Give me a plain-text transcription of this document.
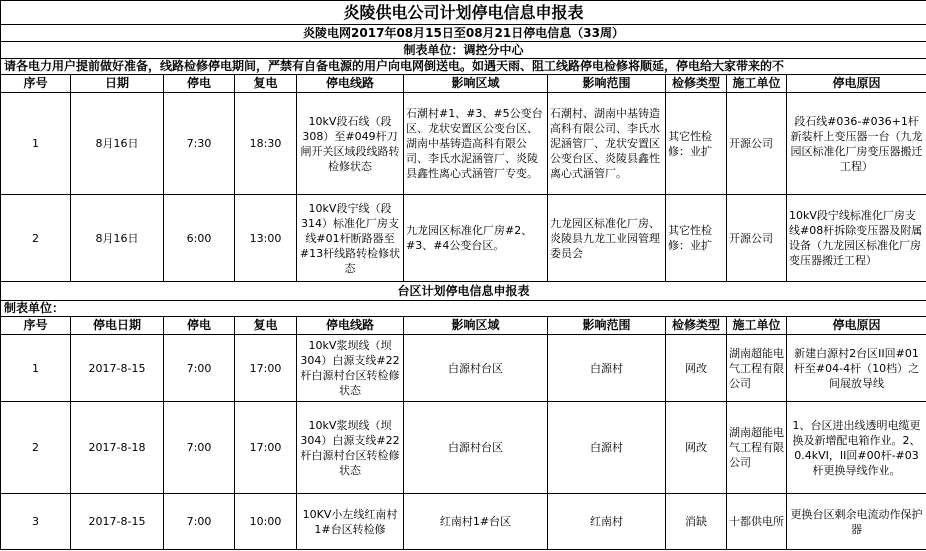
炎陵供电公司计划停电信息申报表									
炎陵电网2017年08月15日至08月21日停电信息（33周）									
制表单位：调控分中心									
请各电力用户提前做好准备，线路检修停电期间，严禁有自备电源的用户向电网倒送电。如遇天雨、阻工线路停电检修将顺延，停电给大家带来的不									
序号	日期	停电	复电	停电线路	影响区域	影响范围	检修类型	施工单位	停电原因
1	8月16日	7:30	18:30	10kV段石线（段308）至#049杆刀闸开关区域段线路转检修状态	石潮村#1、#3、#5公变台区、龙状安置区公变台区、湖南中基铸造高科有限公司、李氏水泥涵管厂、炎陵县鑫性离心式涵管厂专变。	石潮村、湖南中基铸造高科有限公司、李氏水泥涵管厂、龙状安置区公变台区、炎陵县鑫性离心式涵管厂。	其它性检修：业扩	开源公司	段石线#036-#036+1杆新装杆上变压器一台（九龙园区标准化厂房变压器搬迁工程）
2	8月16日	6:00	13:00	10kV段宁线（段314）标准化厂房支线#01杆断路器至#13杆线路转检修状态	九龙园区标准化厂房#2、#3、#4公变台区。	九龙园区标准化厂房、炎陵县九龙工业园管理委员会	其它性检修：业扩	开源公司	10kV段宁线标准化厂房支线#08杆拆除变压器及附属设备（九龙园区标准化厂房变压器搬迁工程）
台区计划停电信息申报表									
制表单位：									
序号	停电日期	停电	复电	停电线路	影响区域	影响范围	检修类型	施工单位	停电原因
1	2017-8-15	7:00	17:00	10kV浆坝线（坝304）白源支线#22杆白源村台区转检修状态	白源村台区	白源村	网改	湖南超能电气工程有限公司	新建白源村2台区II回#01杆至#04-4杆（10档）之间展放导线
2	2017-8-18	7:00	17:00	10kV浆坝线（坝304）白源支线#22杆白源村台区转检修状态	白源村台区	白源村	网改	湖南超能电气工程有限公司	1、台区进出线透明电缆更换及新增配电箱作业。2、0.4kVI，II回#00杆-#03杆更换导线作业。
3	2017-8-15	7:00	10:00	10KV小左线红南村1#台区转检修	红南村1#台区	红南村	消缺	十都供电所	更换台区剩余电流动作保护器
